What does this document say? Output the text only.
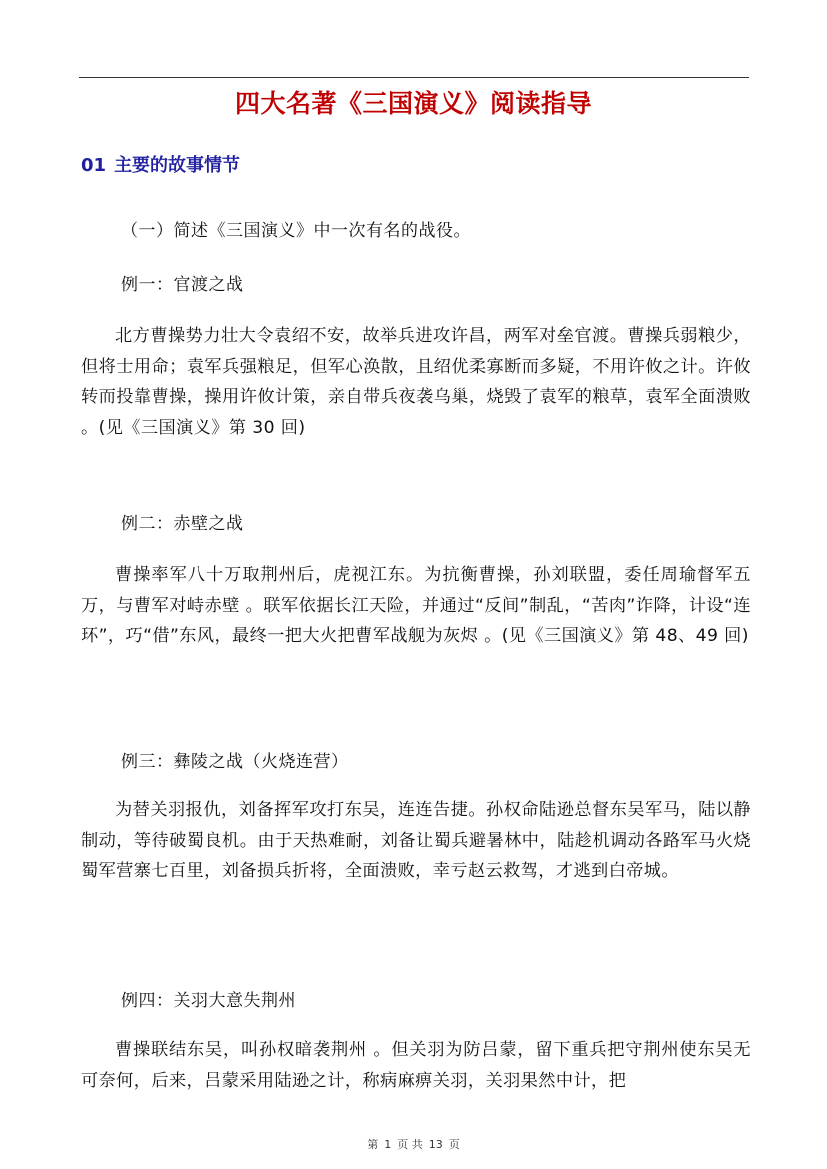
四大名著《三国演义》阅读指导
01 主要的故事情节
（一）简述《三国演义》中一次有名的战役。
例一：官渡之战
北方曹操势力壮大令袁绍不安，故举兵进攻许昌，两军对垒官渡。曹操兵弱粮少，但将士用命；袁军兵强粮足，但军心涣散，且绍优柔寡断而多疑，不用许攸之计。许攸转而投靠曹操，操用许攸计策，亲自带兵夜袭乌巢，烧毁了袁军的粮草，袁军全面溃败 。(见《三国演义》第 30 回)
例二：赤壁之战
曹操率军八十万取荆州后，虎视江东。为抗衡曹操，孙刘联盟，委任周瑜督军五万，与曹军对峙赤壁 。联军依据长江天险，并通过“反间”制乱，“苦肉”诈降，计设“连环”，巧“借”东风，最终一把大火把曹军战舰为灰烬 。(见《三国演义》第 48、49 回)
例三：彝陵之战（火烧连营）
为替关羽报仇，刘备挥军攻打东吴，连连告捷。孙权命陆逊总督东吴军马，陆以静制动，等待破蜀良机。由于天热难耐，刘备让蜀兵避暑林中，陆趁机调动各路军马火烧蜀军营寨七百里，刘备损兵折将，全面溃败，幸亏赵云救驾，才逃到白帝城。
例四：关羽大意失荆州
曹操联结东吴，叫孙权暗袭荆州 。但关羽为防吕蒙，留下重兵把守荆州使东吴无可奈何，后来，吕蒙采用陆逊之计，称病麻痹关羽，关羽果然中计，把
第 1 页 共 13 页
